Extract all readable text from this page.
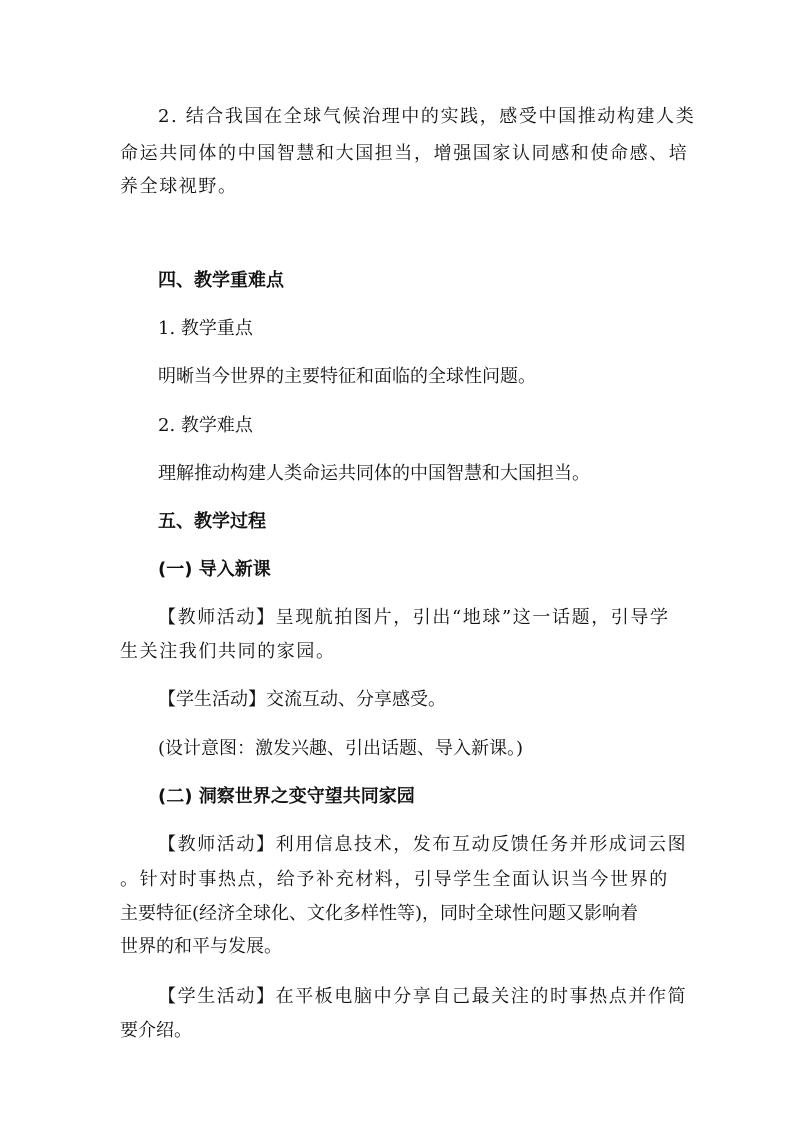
2. 结合我国在全球气候治理中的实践，感受中国推动构建人类
命运共同体的中国智慧和大国担当，增强国家认同感和使命感、培
养全球视野。
四、教学重难点
1. 教学重点
明晰当今世界的主要特征和面临的全球性问题。
2. 教学难点
理解推动构建人类命运共同体的中国智慧和大国担当。
五、教学过程
(一) 导入新课
【教师活动】呈现航拍图片，引出“地球”这一话题，引导学
生关注我们共同的家园。
【学生活动】交流互动、分享感受。
(设计意图：激发兴趣、引出话题、导入新课。)
(二) 洞察世界之变守望共同家园
【教师活动】利用信息技术，发布互动反馈任务并形成词云图
。针对时事热点，给予补充材料，引导学生全面认识当今世界的
主要特征(经济全球化、文化多样性等)，同时全球性问题又影响着
世界的和平与发展。
【学生活动】在平板电脑中分享自己最关注的时事热点并作简
要介绍。
